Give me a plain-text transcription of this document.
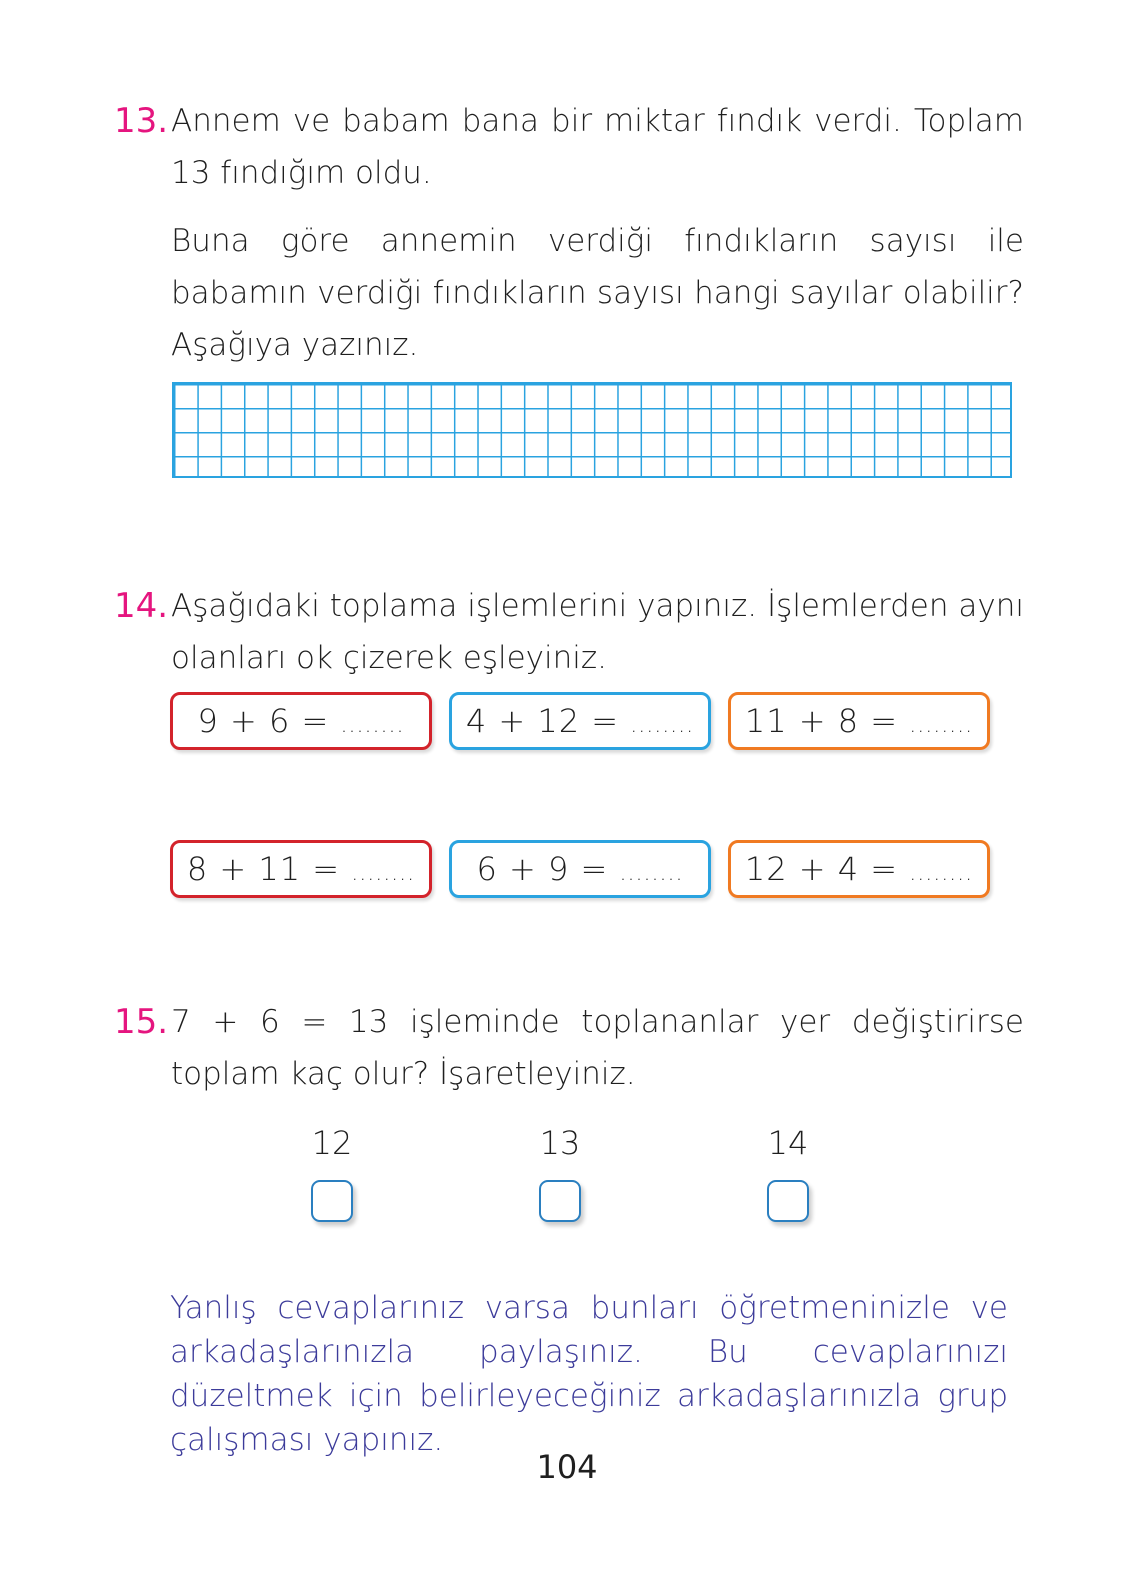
13. Annem ve babam bana bir miktar fındık verdi. Toplam 13 fındığım oldu.

Buna göre annemin verdiği fındıkların sayısı ile babamın verdiği fındıkların sayısı hangi sayılar olabilir? Aşağıya yazınız.

14. Aşağıdaki toplama işlemlerini yapınız. İşlemlerden aynı olanları ok çizerek eşleyiniz.
9 + 6 = ........	4 + 12 = ........	11 + 8 = ........
8 + 11 = ........	6 + 9 = ........	12 + 4 = ........
15. 7 + 6 = 13 işleminde toplananlar yer değiştirirse toplam kaç olur? İşaretleyiniz.
12	13	14
Yanlış cevaplarınız varsa bunları öğretmeninizle ve arkadaşlarınızla paylaşınız. Bu cevaplarınızı düzeltmek için belirleyeceğiniz arkadaşlarınızla grup çalışması yapınız.
104
